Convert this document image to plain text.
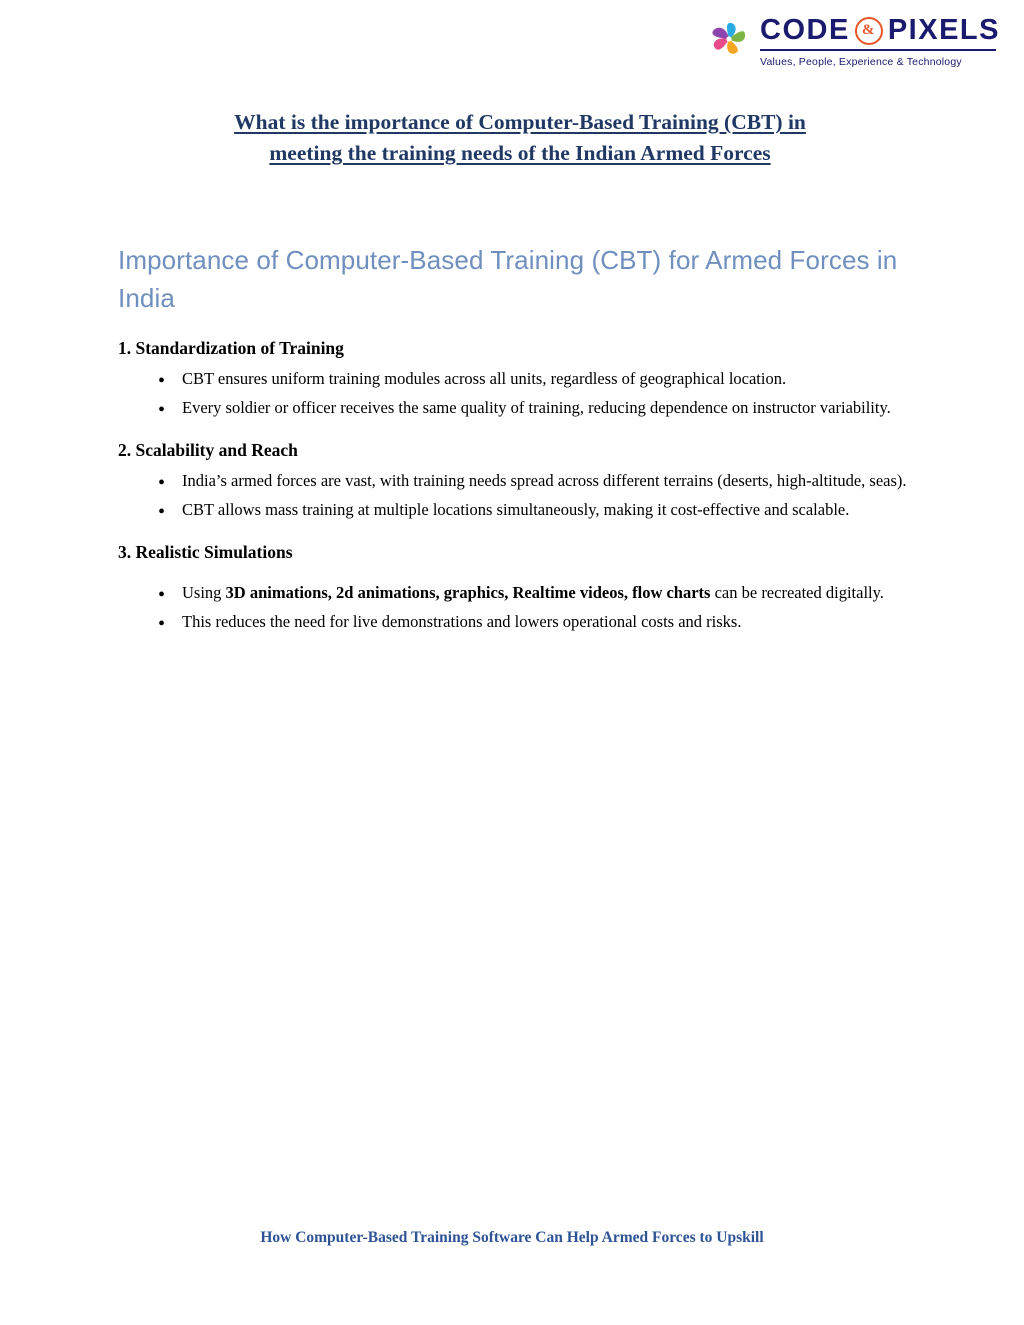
CODE & PIXELS
Values, People, Experience & Technology
What is the importance of Computer-Based Training (CBT) in
meeting the training needs of the Indian Armed Forces
Importance of Computer-Based Training (CBT) for Armed Forces in India
1. Standardization of Training
• CBT ensures uniform training modules across all units, regardless of geographical location.
• Every soldier or officer receives the same quality of training, reducing dependence on instructor variability.
2. Scalability and Reach
• India’s armed forces are vast, with training needs spread across different terrains (deserts, high-altitude, seas).
• CBT allows mass training at multiple locations simultaneously, making it cost-effective and scalable.
3. Realistic Simulations
• Using 3D animations, 2d animations, graphics, Realtime videos, flow charts can be recreated digitally.
• This reduces the need for live demonstrations and lowers operational costs and risks.
How Computer-Based Training Software Can Help Armed Forces to Upskill
